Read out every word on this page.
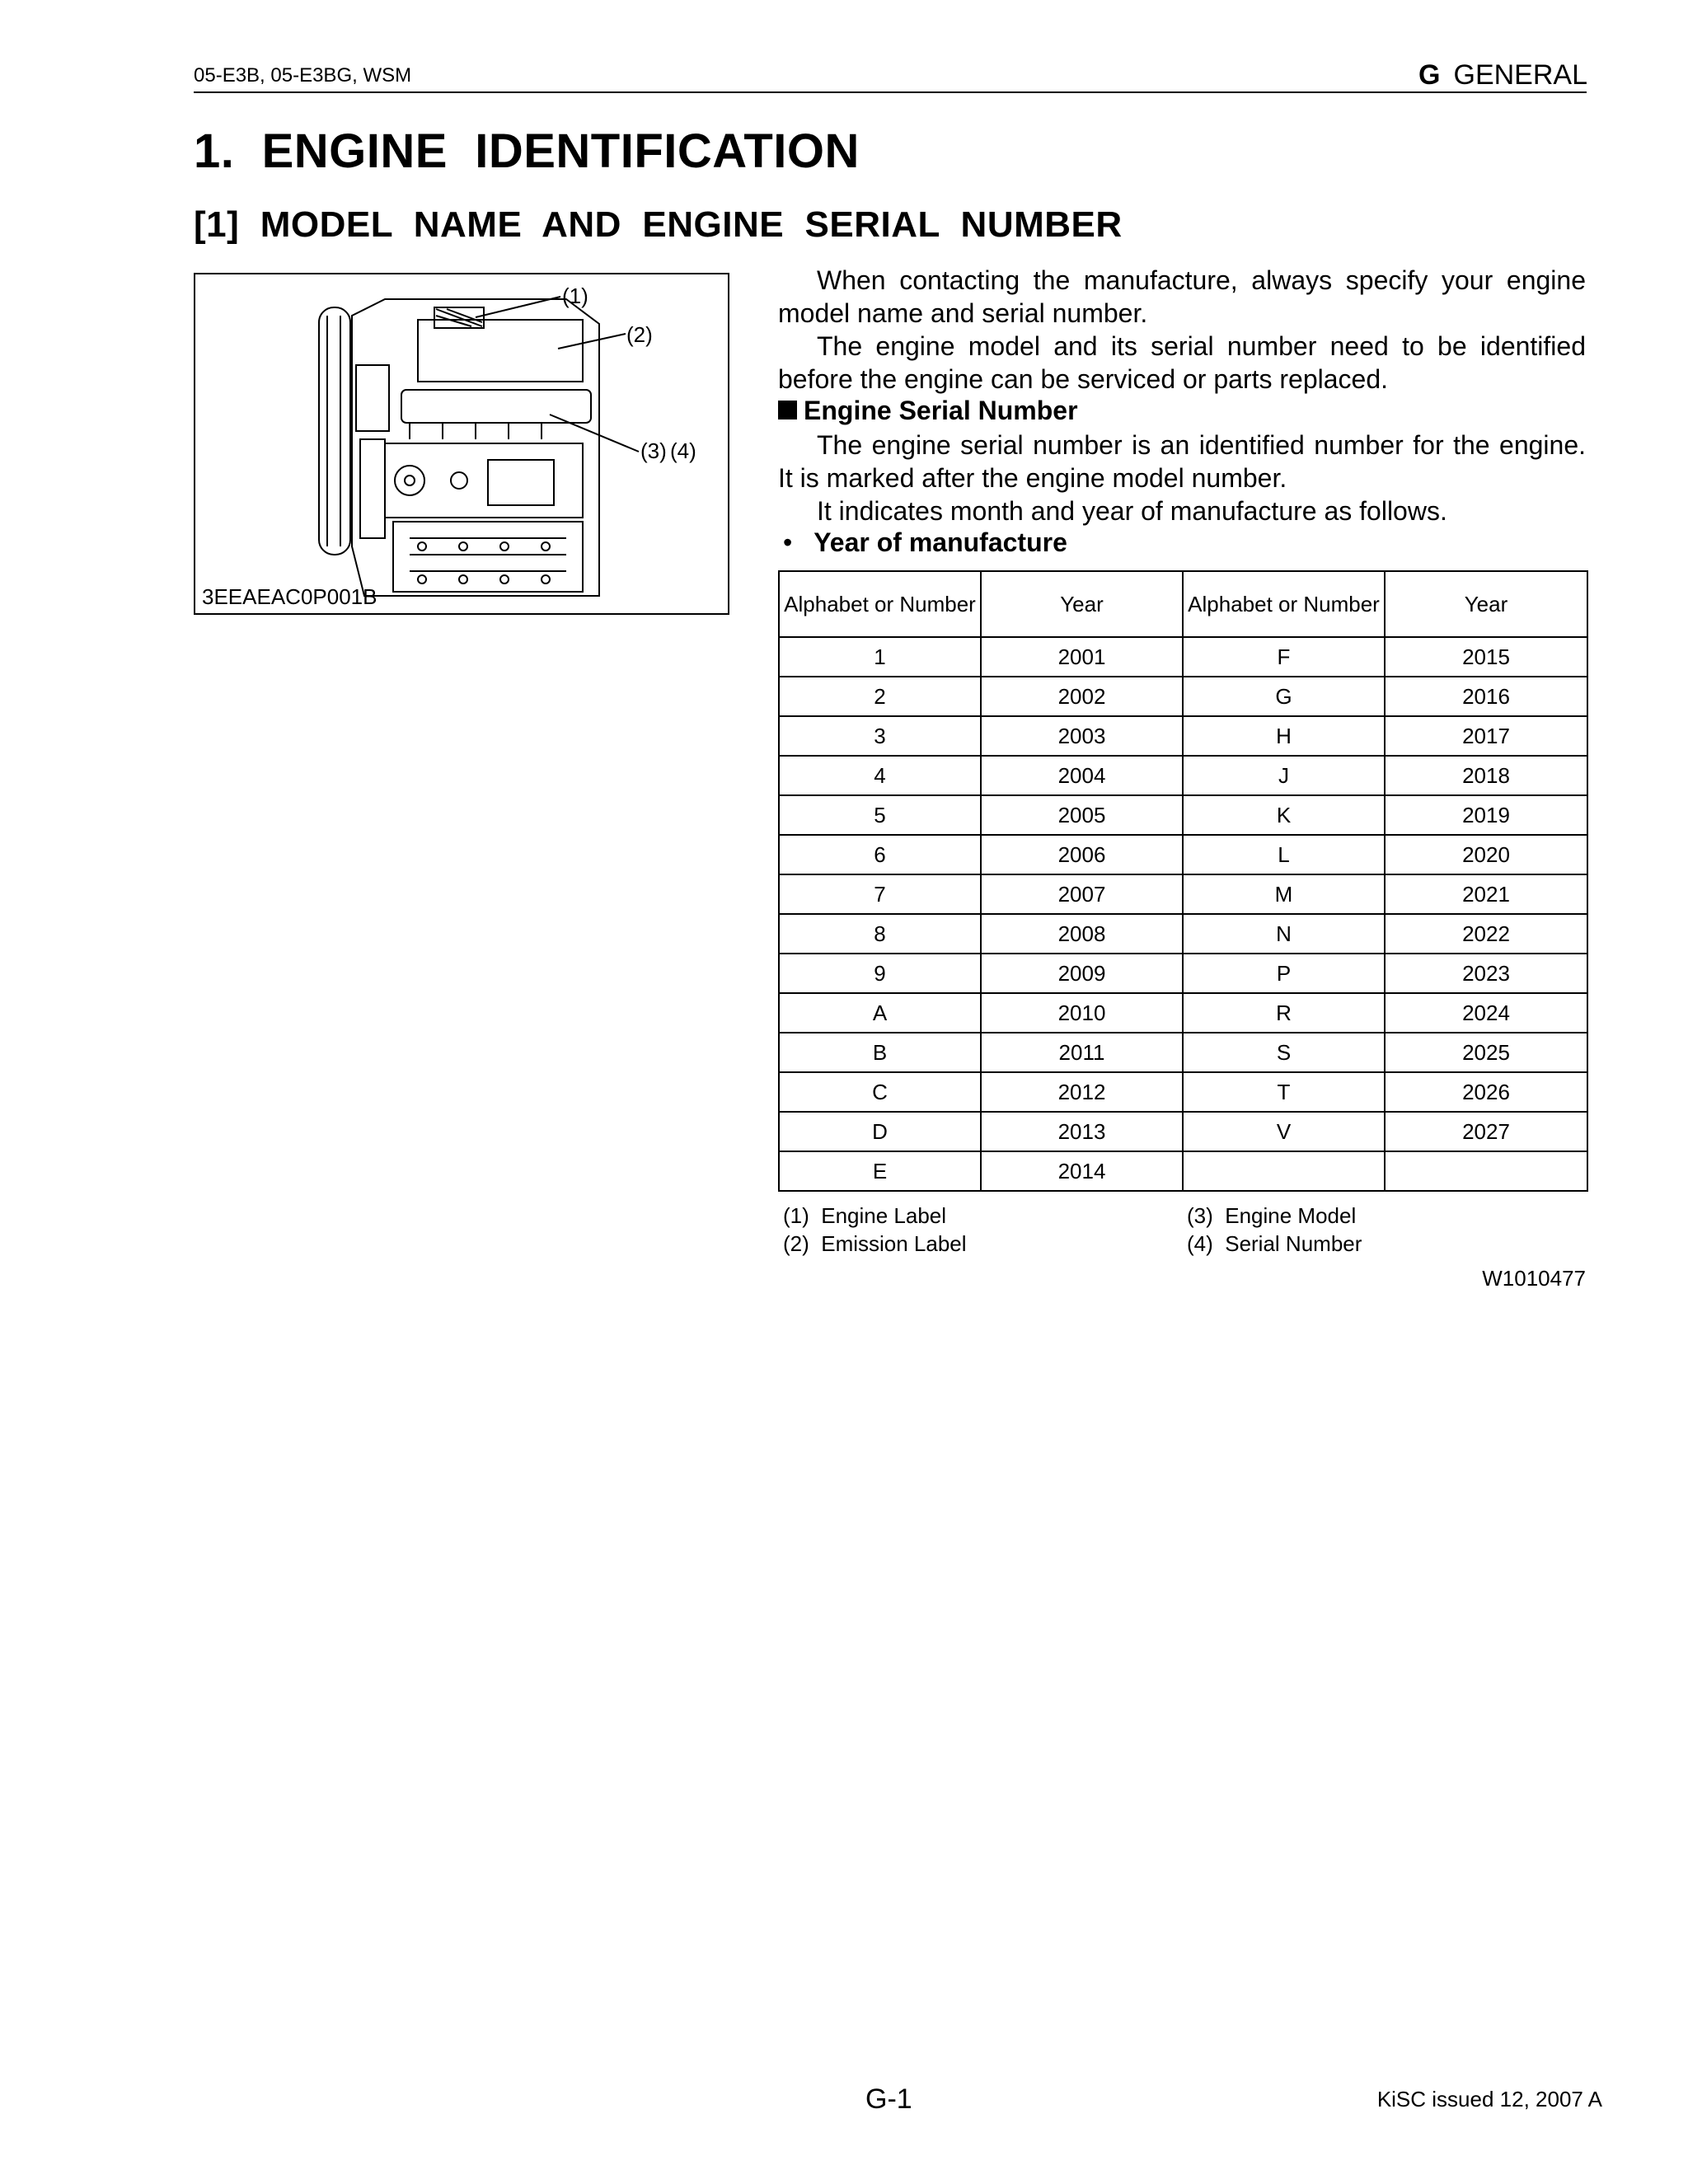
05-E3B, 05-E3BG, WSM	G GENERAL
1.  ENGINE  IDENTIFICATION
[1]  MODEL  NAME  AND  ENGINE  SERIAL  NUMBER
(1)
(2)
(3) (4)
3EEAEAC0P001B
When contacting the manufacture, always specify your engine model name and serial number.
The engine model and its serial number need to be identified before the engine can be serviced or parts replaced.
Engine Serial Number
The engine serial number is an identified number for the engine. It is marked after the engine model number.
It indicates month and year of manufacture as follows.
• Year of manufacture
Alphabet or Number	Year	Alphabet or Number	Year
1	2001	F	2015
2	2002	G	2016
3	2003	H	2017
4	2004	J	2018
5	2005	K	2019
6	2006	L	2020
7	2007	M	2021
8	2008	N	2022
9	2009	P	2023
A	2010	R	2024
B	2011	S	2025
C	2012	T	2026
D	2013	V	2027
E	2014		
(1)  Engine Label
(2)  Emission Label
(3)  Engine Model
(4)  Serial Number
W1010477
G-1	KiSC issued 12, 2007 A
